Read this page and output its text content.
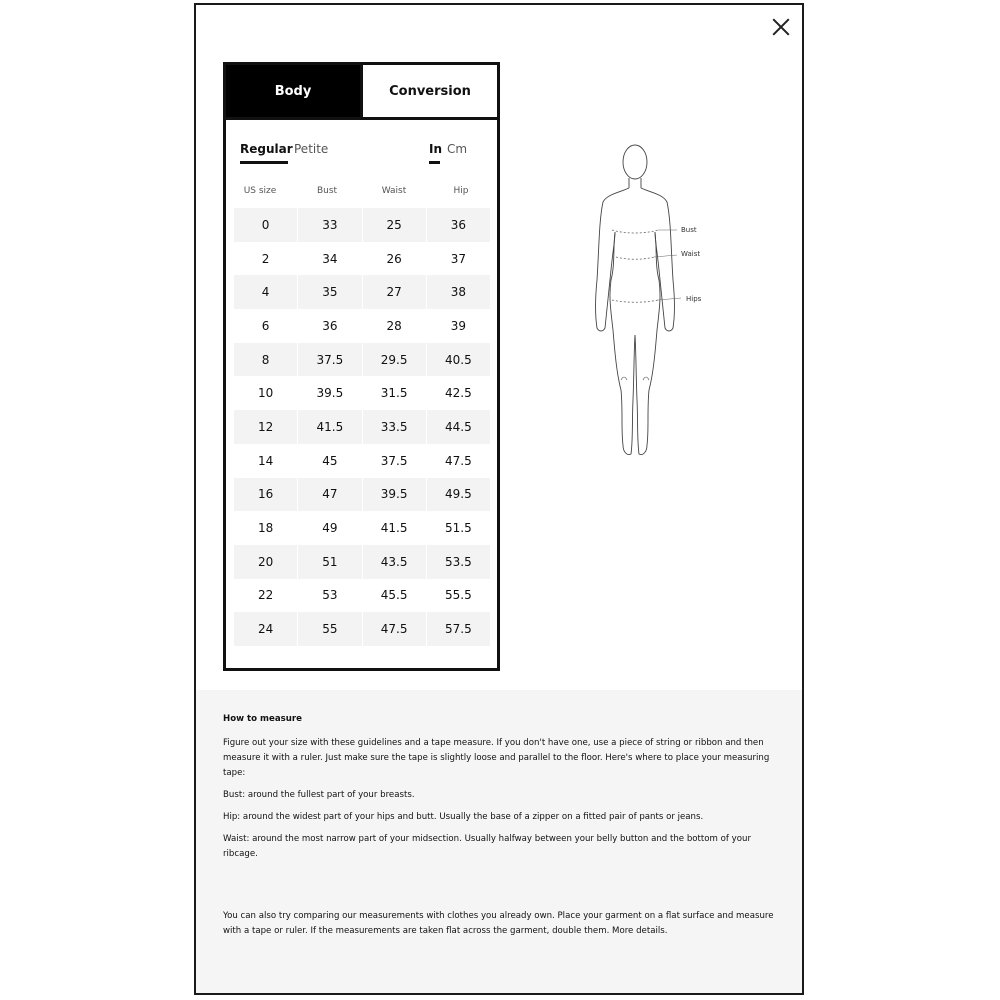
Body	Conversion
Regular Petite	In Cm
US size	Bust	Waist	Hip
0	33	25	36
2	34	26	37
4	35	27	38
6	36	28	39
8	37.5	29.5	40.5
10	39.5	31.5	42.5
12	41.5	33.5	44.5
14	45	37.5	47.5
16	47	39.5	49.5
18	49	41.5	51.5
20	51	43.5	53.5
22	53	45.5	55.5
24	55	47.5	57.5
Bust
Waist
Hips
How to measure

Figure out your size with these guidelines and a tape measure. If you don't have one, use a piece of string or ribbon and then measure it with a ruler. Just make sure the tape is slightly loose and parallel to the floor. Here's where to place your measuring tape:

Bust: around the fullest part of your breasts.

Hip: around the widest part of your hips and butt. Usually the base of a zipper on a fitted pair of pants or jeans.

Waist: around the most narrow part of your midsection. Usually halfway between your belly button and the bottom of your ribcage.

You can also try comparing our measurements with clothes you already own. Place your garment on a flat surface and measure with a tape or ruler. If the measurements are taken flat across the garment, double them. More details.
